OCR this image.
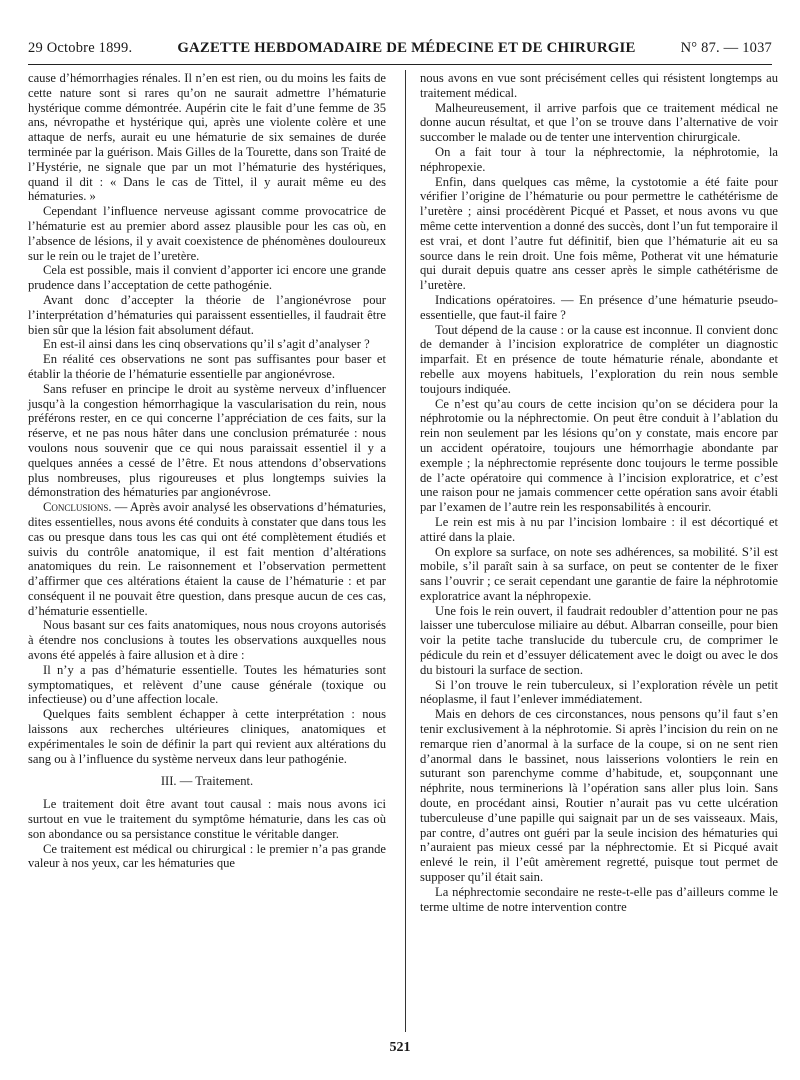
29 Octobre 1899.	GAZETTE HEBDOMADAIRE DE MÉDECINE ET DE CHIRURGIE	N° 87. — 1037

cause d’hémorrhagies rénales. Il n’en est rien, ou du moins les faits de cette nature sont si rares qu’on ne saurait admettre l’hématurie hystérique comme démontrée. Aupérin cite le fait d’une femme de 35 ans, névropathe et hystérique qui, après une violente colère et une attaque de nerfs, aurait eu une hématurie de six semaines de durée terminée par la guérison. Mais Gilles de la Tourette, dans son Traité de l’Hystérie, ne signale que par un mot l’hématurie des hystériques, quand il dit : « Dans le cas de Tittel, il y aurait même eu des hématuries. »

Cependant l’influence nerveuse agissant comme provocatrice de l’hématurie est au premier abord assez plausible pour les cas où, en l’absence de lésions, il y avait coexistence de phénomènes douloureux sur le rein ou le trajet de l’uretère.

Cela est possible, mais il convient d’apporter ici encore une grande prudence dans l’acceptation de cette pathogénie.

Avant donc d’accepter la théorie de l’angionévrose pour l’interprétation d’hématuries qui paraissent essentielles, il faudrait être bien sûr que la lésion fait absolument défaut.

En est-il ainsi dans les cinq observations qu’il s’agit d’analyser ?

En réalité ces observations ne sont pas suffisantes pour baser et établir la théorie de l’hématurie essentielle par angionévrose.

Sans refuser en principe le droit au système nerveux d’influencer jusqu’à la congestion hémorrhagique la vascularisation du rein, nous préférons rester, en ce qui concerne l’appréciation de ces faits, sur la réserve, et ne pas nous hâter dans une conclusion prématurée : nous voulons nous souvenir que ce qui nous paraissait essentiel il y a quelques années a cessé de l’être. Et nous attendons d’observations plus nombreuses, plus rigoureuses et plus longtemps suivies la démonstration des hématuries par angionévrose.

Conclusions. — Après avoir analysé les observations d’hématuries, dites essentielles, nous avons été conduits à constater que dans tous les cas ou presque dans tous les cas qui ont été complètement étudiés et suivis du contrôle anatomique, il est fait mention d’altérations anatomiques du rein. Le raisonnement et l’observation permettent d’affirmer que ces altérations étaient la cause de l’hématurie : et par conséquent il ne pouvait être question, dans presque aucun de ces cas, d’hématurie essentielle.

Nous basant sur ces faits anatomiques, nous nous croyons autorisés à étendre nos conclusions à toutes les observations auxquelles nous avons été appelés à faire allusion et à dire :

Il n’y a pas d’hématurie essentielle. Toutes les hématuries sont symptomatiques, et relèvent d’une cause générale (toxique ou infectieuse) ou d’une affection locale.

Quelques faits semblent échapper à cette interprétation : nous laissons aux recherches ultérieures cliniques, anatomiques et expérimentales le soin de définir la part qui revient aux altérations du sang ou à l’influence du système nerveux dans leur pathogénie.

III. — Traitement.

Le traitement doit être avant tout causal : mais nous avons ici surtout en vue le traitement du symptôme hématurie, dans les cas où son abondance ou sa persistance constitue le véritable danger.

Ce traitement est médical ou chirurgical : le premier n’a pas grande valeur à nos yeux, car les hématuries que

nous avons en vue sont précisément celles qui résistent longtemps au traitement médical.

Malheureusement, il arrive parfois que ce traitement médical ne donne aucun résultat, et que l’on se trouve dans l’alternative de voir succomber le malade ou de tenter une intervention chirurgicale.

On a fait tour à tour la néphrectomie, la néphrotomie, la néphropexie.

Enfin, dans quelques cas même, la cystotomie a été faite pour vérifier l’origine de l’hématurie ou pour permettre le cathétérisme de l’uretère ; ainsi procédèrent Picqué et Passet, et nous avons vu que même cette intervention a donné des succès, dont l’un fut temporaire il est vrai, et dont l’autre fut définitif, bien que l’hématurie ait eu sa source dans le rein droit. Une fois même, Potherat vit une hématurie qui durait depuis quatre ans cesser après le simple cathétérisme de l’uretère.

Indications opératoires. — En présence d’une hématurie pseudo-essentielle, que faut-il faire ?

Tout dépend de la cause : or la cause est inconnue. Il convient donc de demander à l’incision exploratrice de compléter un diagnostic imparfait. Et en présence de toute hématurie rénale, abondante et rebelle aux moyens habituels, l’exploration du rein nous semble toujours indiquée.

Ce n’est qu’au cours de cette incision qu’on se décidera pour la néphrotomie ou la néphrectomie. On peut être conduit à l’ablation du rein non seulement par les lésions qu’on y constate, mais encore par un accident opératoire, toujours une hémorrhagie abondante par exemple ; la néphrectomie représente donc toujours le terme possible de l’acte opératoire qui commence à l’incision exploratrice, et c’est une raison pour ne jamais commencer cette opération sans avoir établi par l’examen de l’autre rein les responsabilités à encourir.

Le rein est mis à nu par l’incision lombaire : il est décortiqué et attiré dans la plaie.

On explore sa surface, on note ses adhérences, sa mobilité. S’il est mobile, s’il paraît sain à sa surface, on peut se contenter de le fixer sans l’ouvrir ; ce serait cependant une garantie de faire la néphrotomie exploratrice avant la néphropexie.

Une fois le rein ouvert, il faudrait redoubler d’attention pour ne pas laisser une tuberculose miliaire au début. Albarran conseille, pour bien voir la petite tache translucide du tubercule cru, de comprimer le pédicule du rein et d’essuyer délicatement avec le doigt ou avec le dos du bistouri la surface de section.

Si l’on trouve le rein tuberculeux, si l’exploration révèle un petit néoplasme, il faut l’enlever immédiatement.

Mais en dehors de ces circonstances, nous pensons qu’il faut s’en tenir exclusivement à la néphrotomie. Si après l’incision du rein on ne remarque rien d’anormal à la surface de la coupe, si on ne sent rien d’anormal dans le bassinet, nous laisserions volontiers le rein en suturant son parenchyme comme d’habitude, et, soupçonnant une néphrite, nous terminerions là l’opération sans aller plus loin. Sans doute, en procédant ainsi, Routier n’aurait pas vu cette ulcération tuberculeuse d’une papille qui saignait par un de ses vaisseaux. Mais, par contre, d’autres ont guéri par la seule incision des hématuries qui n’auraient pas mieux cessé par la néphrectomie. Et si Picqué avait enlevé le rein, il l’eût amèrement regretté, puisque tout permet de supposer qu’il était sain.

La néphrectomie secondaire ne reste-t-elle pas d’ailleurs comme le terme ultime de notre intervention contre

521
